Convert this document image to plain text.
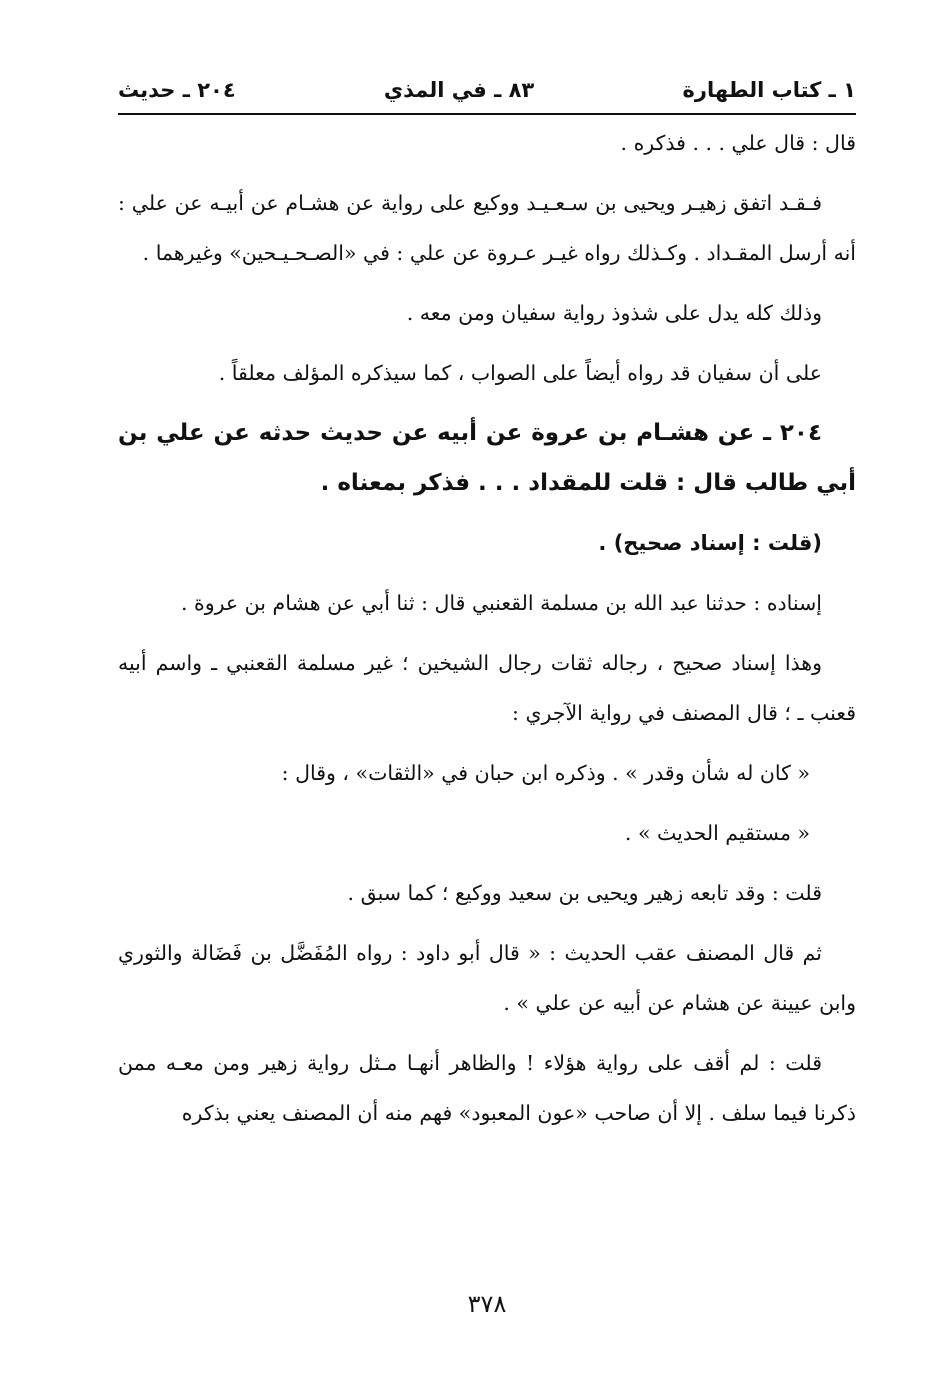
١ ـ كتاب الطهارة
٨٣ ـ في المذي
٢٠٤ ـ حديث

قال : قال علي . . . فذكره .

فـقـد اتفق زهيـر ويحيى بن سـعـيـد ووكيع على رواية عن هشـام عن أبيـه عن علي : أنه أرسل المقـداد . وكـذلك رواه غيـر عـروة عن علي : في «الصـحـيـحين» وغيرهما .

وذلك كله يدل على شذوذ رواية سفيان ومن معه .

على أن سفيان قد رواه أيضاً على الصواب ، كما سيذكره المؤلف معلقاً .

٢٠٤ ـ عن هشـام بن عروة عن أبيه عن حديث حدثه عن علي بن أبي طالب قال : قلت للمقداد . . . فذكر بمعناه .

(قلت : إسناد صحيح) .

إسناده : حدثنا عبد الله بن مسلمة القعنبي قال : ثنا أبي عن هشام بن عروة .

وهذا إسناد صحيح ، رجاله ثقات رجال الشيخين ؛ غير مسلمة القعنبي ـ واسم أبيه قعنب ـ ؛ قال المصنف في رواية الآجري :

« كان له شأن وقدر » . وذكره ابن حبان في «الثقات» ، وقال :

« مستقيم الحديث » .

قلت : وقد تابعه زهير ويحيى بن سعيد ووكيع ؛ كما سبق .

ثم قال المصنف عقب الحديث : « قال أبو داود : رواه المُفَضَّل بن فَضَالة والثوري وابن عيينة عن هشام عن أبيه عن علي » .

قلت : لم أقف على رواية هؤلاء ! والظاهر أنهـا مـثل رواية زهير ومن معـه ممن ذكرنا فيما سلف . إلا أن صاحب «عون المعبود» فهم منه أن المصنف يعني بذكره

٣٧٨
